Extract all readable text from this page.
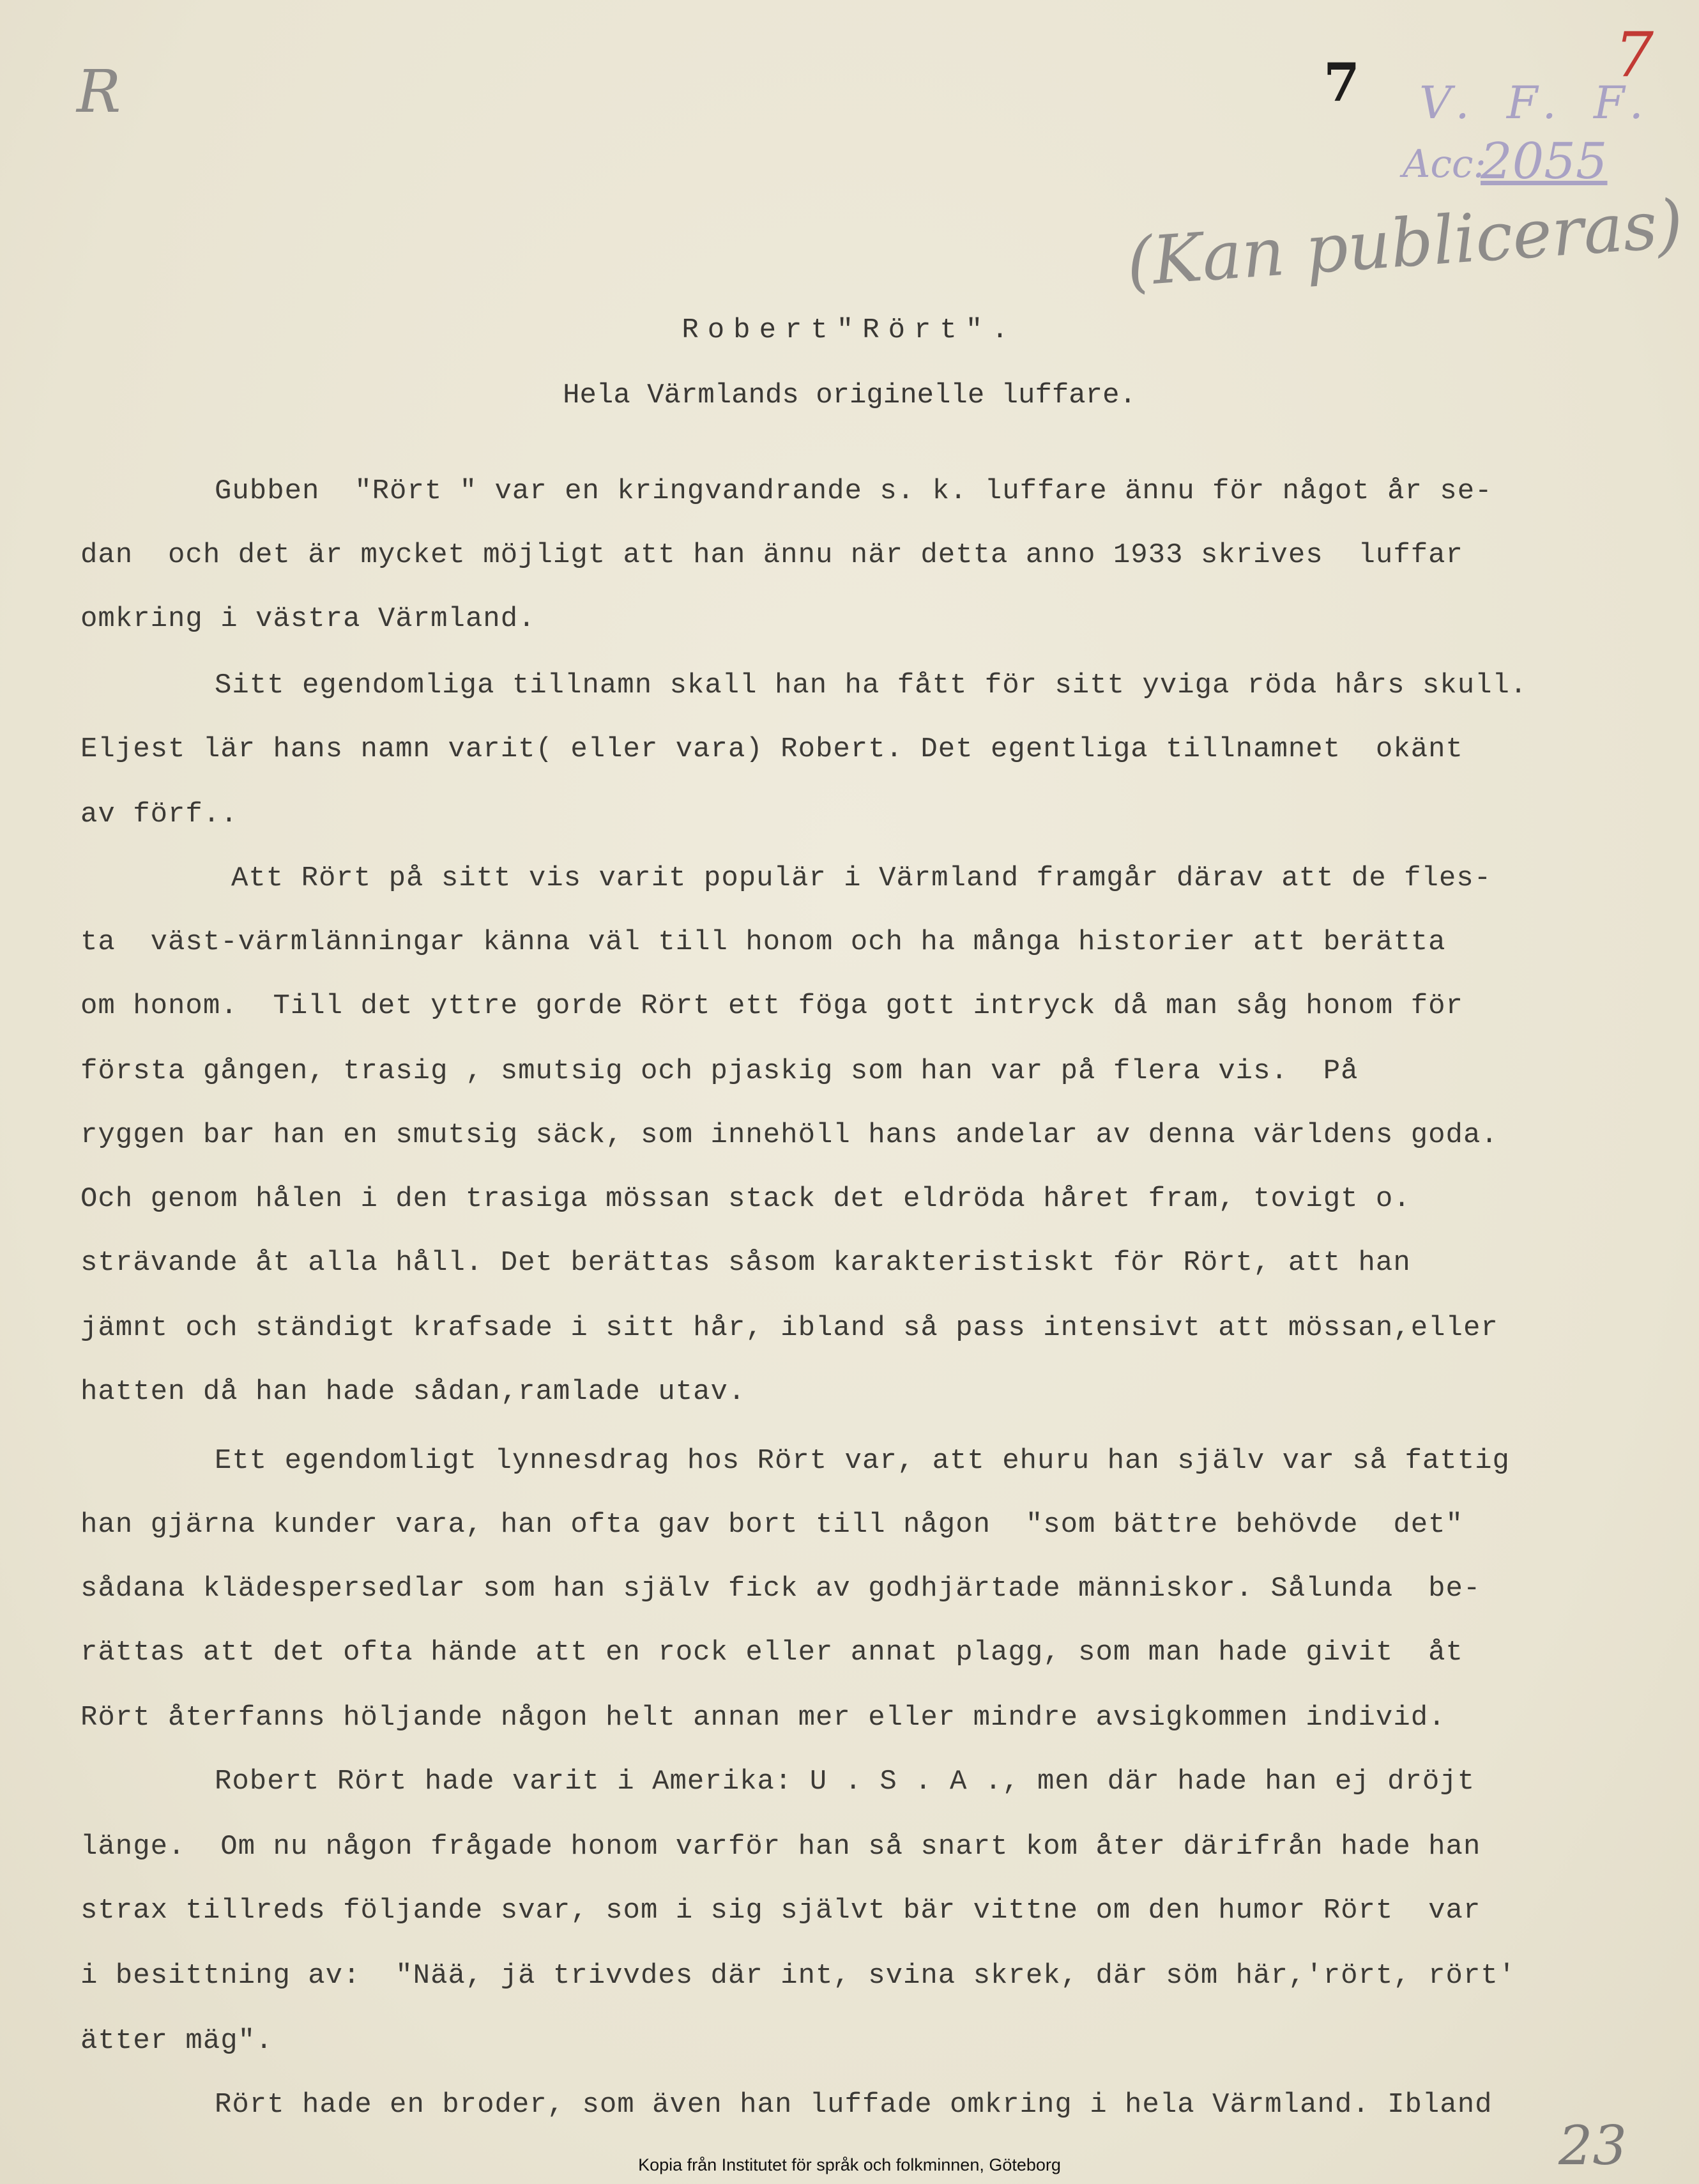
R	7	7
V. F. F.
Acc:
2055
(Kan publiceras)
Robert"Rört".
Hela Värmlands originelle luffare.
Gubben  "Rört " var en kringvandrande s. k. luffare ännu för något år se-
dan  och det är mycket möjligt att han ännu när detta anno 1933 skrives  luffar
omkring i västra Värmland.
Sitt egendomliga tillnamn skall han ha fått för sitt yviga röda hårs skull.
Eljest lär hans namn varit( eller vara) Robert. Det egentliga tillnamnet  okänt
av förf..
Att Rört på sitt vis varit populär i Värmland framgår därav att de fles-
ta  väst-värmlänningar känna väl till honom och ha många historier att berätta
om honom.  Till det yttre gorde Rört ett föga gott intryck då man såg honom för
första gången, trasig , smutsig och pjaskig som han var på flera vis.  På
ryggen bar han en smutsig säck, som innehöll hans andelar av denna världens goda.
Och genom hålen i den trasiga mössan stack det eldröda håret fram, tovigt o.
strävande åt alla håll. Det berättas såsom karakteristiskt för Rört, att han
jämnt och ständigt krafsade i sitt hår, ibland så pass intensivt att mössan,eller
hatten då han hade sådan,ramlade utav.
Ett egendomligt lynnesdrag hos Rört var, att ehuru han själv var så fattig
han gjärna kunder vara, han ofta gav bort till någon  "som bättre behövde  det"
sådana klädespersedlar som han själv fick av godhjärtade människor. Sålunda  be-
rättas att det ofta hände att en rock eller annat plagg, som man hade givit  åt
Rört återfanns höljande någon helt annan mer eller mindre avsigkommen individ.
Robert Rört hade varit i Amerika: U . S . A ., men där hade han ej dröjt
länge.  Om nu någon frågade honom varför han så snart kom åter därifrån hade han
strax tillreds följande svar, som i sig självt bär vittne om den humor Rört  var
i besittning av:  "Nää, jä trivvdes där int, svina skrek, där söm här,'rört, rört'
ätter mäg".
Rört hade en broder, som även han luffade omkring i hela Värmland. Ibland
23
Kopia från Institutet för språk och folkminnen, Göteborg
